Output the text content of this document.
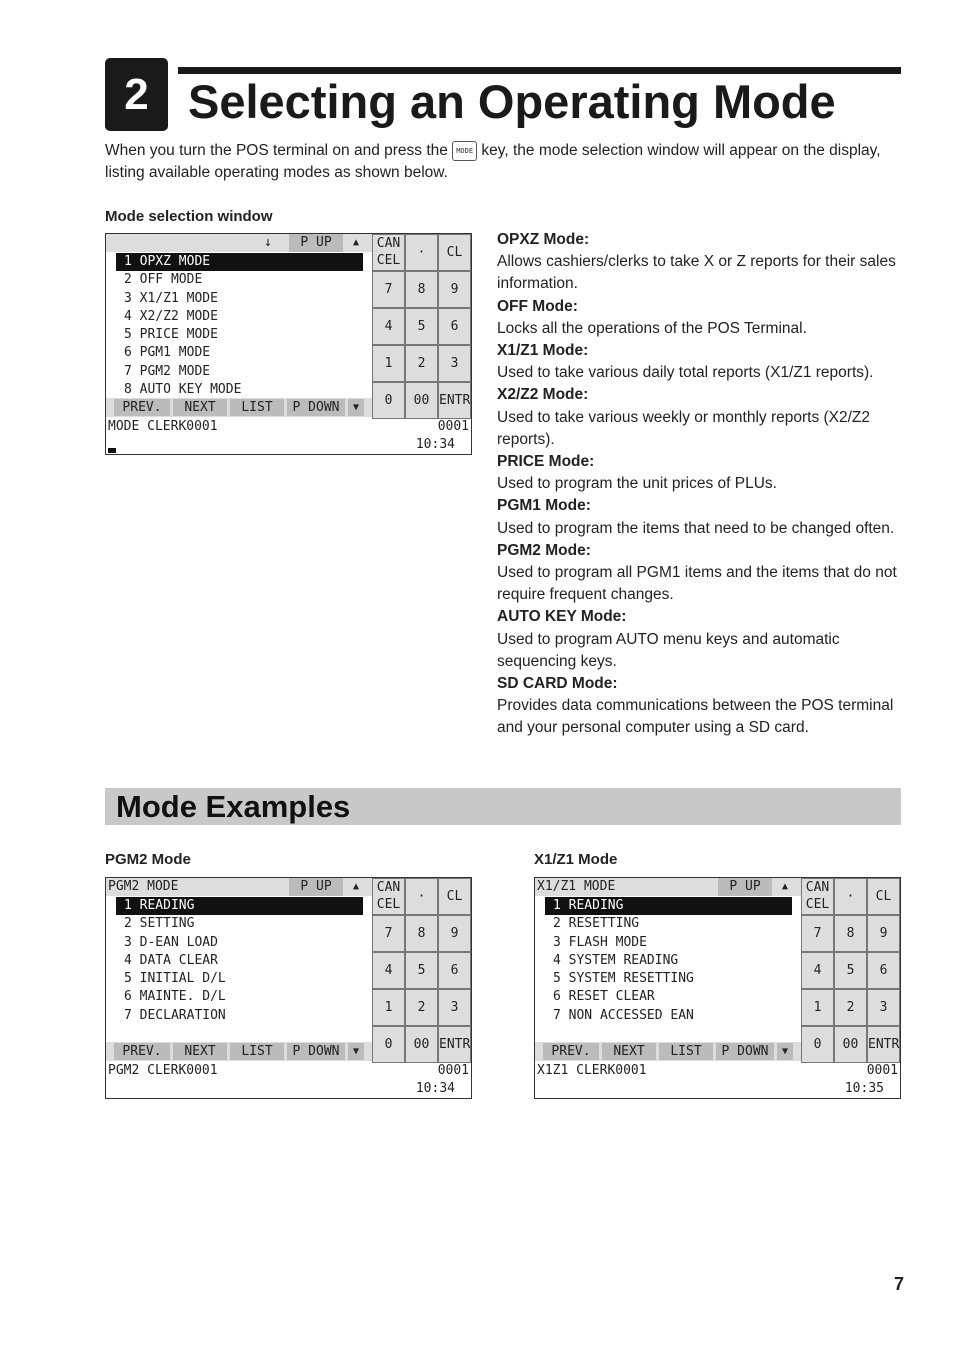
2 Selecting an Operating Mode
When you turn the POS terminal on and press the MODE key, the mode selection window will appear on the display, listing available operating modes as shown below.
Mode selection window
↓	P UP	▲
1 OPXZ MODE
2 OFF MODE
3 X1/Z1 MODE
4 X2/Z2 MODE
5 PRICE MODE
6 PGM1 MODE
7 PGM2 MODE
8 AUTO KEY MODE
PREV.	NEXT	LIST	P DOWN	▼
MODE CLERK0001	0001
10:34
CAN
CEL
·	CL
7	8	9
4	5	6
1	2	3
0	00 ENTR
OPXZ Mode:
Allows cashiers/clerks to take X or Z reports for their sales information.
OFF Mode:
Locks all the operations of the POS Terminal.
X1/Z1 Mode:
Used to take various daily total reports (X1/Z1 reports).
X2/Z2 Mode:
Used to take various weekly or monthly reports (X2/Z2 reports).
PRICE Mode:
Used to program the unit prices of PLUs.
PGM1 Mode:
Used to program the items that need to be changed often.
PGM2 Mode:
Used to program all PGM1 items and the items that do not require frequent changes.
AUTO KEY Mode:
Used to program AUTO menu keys and automatic sequencing keys.
SD CARD Mode:
Provides data communications between the POS terminal and your personal computer using a SD card.
Mode Examples
PGM2 Mode
PGM2 MODE	P UP	▲
1 READING
2 SETTING
3 D-EAN LOAD
4 DATA CLEAR
5 INITIAL D/L
6 MAINTE. D/L
7 DECLARATION
PREV.	NEXT	LIST	P DOWN	▼
PGM2 CLERK0001	0001
10:34
CAN
CEL
·	CL
7	8	9
4	5	6
1	2	3
0	00 ENTR
X1/Z1 Mode
X1/Z1 MODE	P UP	▲
1 READING
2 RESETTING
3 FLASH MODE
4 SYSTEM READING
5 SYSTEM RESETTING
6 RESET CLEAR
7 NON ACCESSED EAN
PREV.	NEXT	LIST	P DOWN	▼
X1Z1 CLERK0001	0001
10:35
CAN
CEL
·	CL
7	8	9
4	5	6
1	2	3
0	00 ENTR
7
